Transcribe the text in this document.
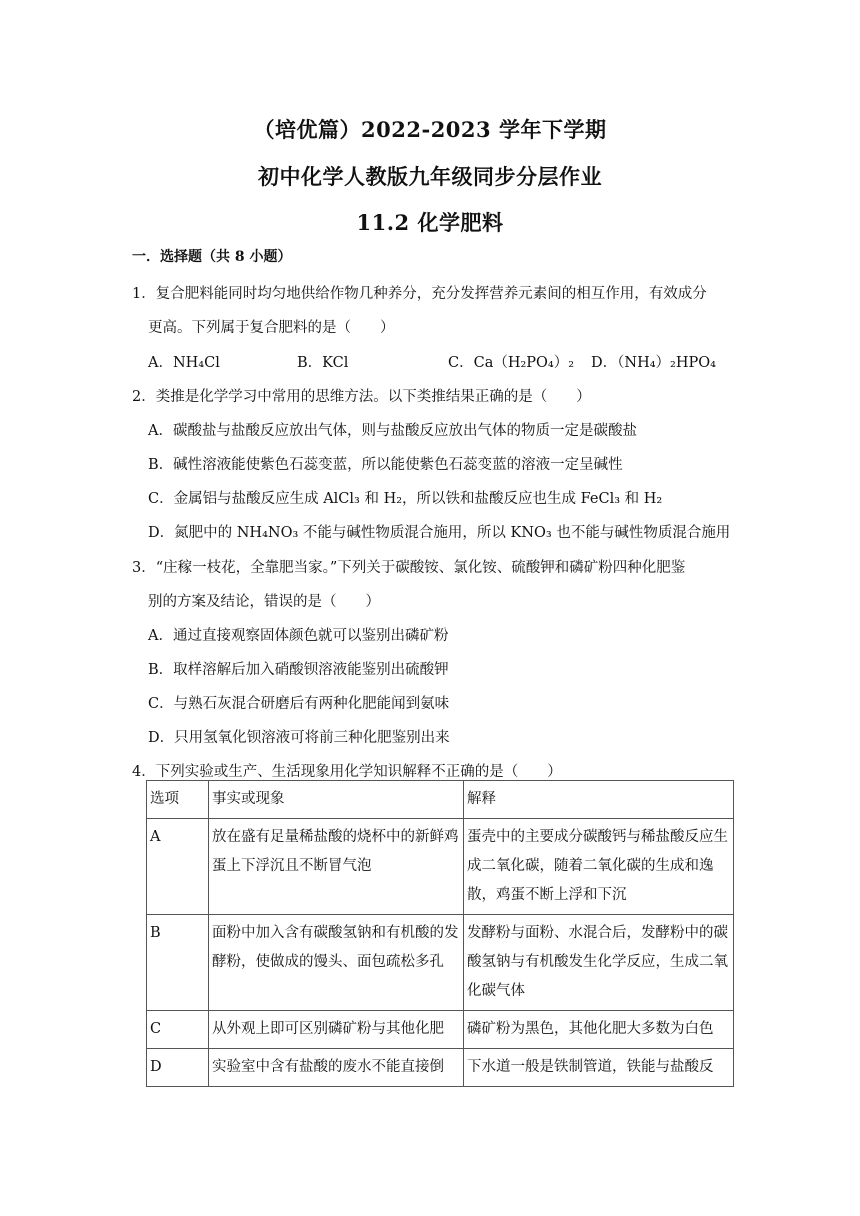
（培优篇）2022-2023 学年下学期
初中化学人教版九年级同步分层作业
11.2 化学肥料
一．选择题（共 8 小题）
1．复合肥料能同时均匀地供给作物几种养分，充分发挥营养元素间的相互作用，有效成分
更高。下列属于复合肥料的是（　　）
A．NH₄Cl	B．KCl	C．Ca（H₂PO₄）₂ D．（NH₄）₂HPO₄
2．类推是化学学习中常用的思维方法。以下类推结果正确的是（　　）
A．碳酸盐与盐酸反应放出气体，则与盐酸反应放出气体的物质一定是碳酸盐
B．碱性溶液能使紫色石蕊变蓝，所以能使紫色石蕊变蓝的溶液一定呈碱性
C．金属铝与盐酸反应生成 AlCl₃ 和 H₂，所以铁和盐酸反应也生成 FeCl₃ 和 H₂
D．氮肥中的 NH₄NO₃ 不能与碱性物质混合施用，所以 KNO₃ 也不能与碱性物质混合施用
3．“庄稼一枝花，全靠肥当家。”下列关于碳酸铵、氯化铵、硫酸钾和磷矿粉四种化肥鉴
别的方案及结论，错误的是（　　）
A．通过直接观察固体颜色就可以鉴别出磷矿粉
B．取样溶解后加入硝酸钡溶液能鉴别出硫酸钾
C．与熟石灰混合研磨后有两种化肥能闻到氨味
D．只用氢氧化钡溶液可将前三种化肥鉴别出来
4．下列实验或生产、生活现象用化学知识解释不正确的是（　　）
选项	事实或现象	解释
A	放在盛有足量稀盐酸的烧杯中的新鲜鸡蛋上下浮沉且不断冒气泡	蛋壳中的主要成分碳酸钙与稀盐酸反应生成二氧化碳，随着二氧化碳的生成和逸散，鸡蛋不断上浮和下沉
B	面粉中加入含有碳酸氢钠和有机酸的发酵粉，使做成的馒头、面包疏松多孔	发酵粉与面粉、水混合后，发酵粉中的碳酸氢钠与有机酸发生化学反应，生成二氧化碳气体
C	从外观上即可区别磷矿粉与其他化肥	磷矿粉为黑色，其他化肥大多数为白色
D	实验室中含有盐酸的废水不能直接倒	下水道一般是铁制管道，铁能与盐酸反
